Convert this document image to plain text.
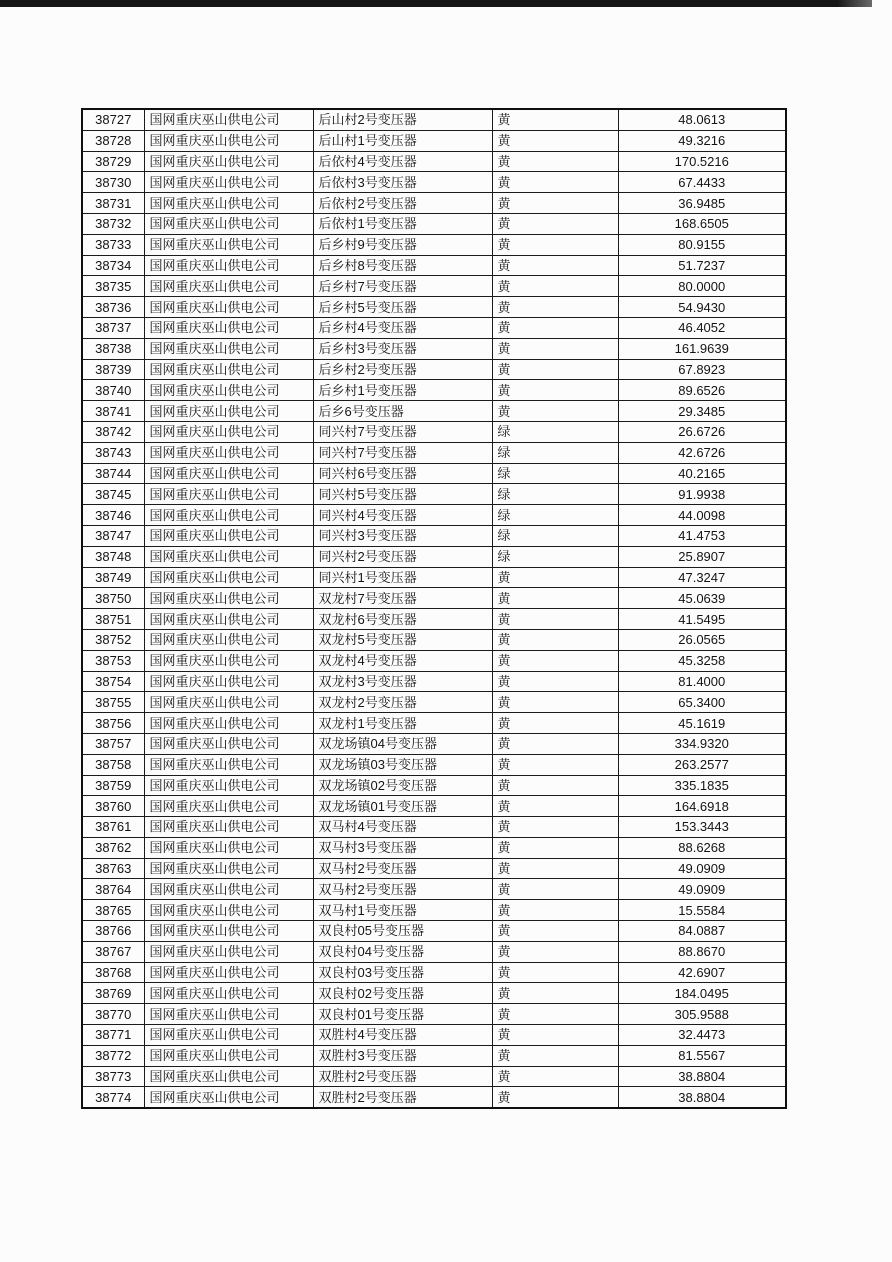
38727	国网重庆巫山供电公司	后山村2号变压器	黄	48.0613
38728	国网重庆巫山供电公司	后山村1号变压器	黄	49.3216
38729	国网重庆巫山供电公司	后依村4号变压器	黄	170.5216
38730	国网重庆巫山供电公司	后依村3号变压器	黄	67.4433
38731	国网重庆巫山供电公司	后依村2号变压器	黄	36.9485
38732	国网重庆巫山供电公司	后依村1号变压器	黄	168.6505
38733	国网重庆巫山供电公司	后乡村9号变压器	黄	80.9155
38734	国网重庆巫山供电公司	后乡村8号变压器	黄	51.7237
38735	国网重庆巫山供电公司	后乡村7号变压器	黄	80.0000
38736	国网重庆巫山供电公司	后乡村5号变压器	黄	54.9430
38737	国网重庆巫山供电公司	后乡村4号变压器	黄	46.4052
38738	国网重庆巫山供电公司	后乡村3号变压器	黄	161.9639
38739	国网重庆巫山供电公司	后乡村2号变压器	黄	67.8923
38740	国网重庆巫山供电公司	后乡村1号变压器	黄	89.6526
38741	国网重庆巫山供电公司	后乡6号变压器	黄	29.3485
38742	国网重庆巫山供电公司	同兴村7号变压器	绿	26.6726
38743	国网重庆巫山供电公司	同兴村7号变压器	绿	42.6726
38744	国网重庆巫山供电公司	同兴村6号变压器	绿	40.2165
38745	国网重庆巫山供电公司	同兴村5号变压器	绿	91.9938
38746	国网重庆巫山供电公司	同兴村4号变压器	绿	44.0098
38747	国网重庆巫山供电公司	同兴村3号变压器	绿	41.4753
38748	国网重庆巫山供电公司	同兴村2号变压器	绿	25.8907
38749	国网重庆巫山供电公司	同兴村1号变压器	黄	47.3247
38750	国网重庆巫山供电公司	双龙村7号变压器	黄	45.0639
38751	国网重庆巫山供电公司	双龙村6号变压器	黄	41.5495
38752	国网重庆巫山供电公司	双龙村5号变压器	黄	26.0565
38753	国网重庆巫山供电公司	双龙村4号变压器	黄	45.3258
38754	国网重庆巫山供电公司	双龙村3号变压器	黄	81.4000
38755	国网重庆巫山供电公司	双龙村2号变压器	黄	65.3400
38756	国网重庆巫山供电公司	双龙村1号变压器	黄	45.1619
38757	国网重庆巫山供电公司	双龙场镇04号变压器	黄	334.9320
38758	国网重庆巫山供电公司	双龙场镇03号变压器	黄	263.2577
38759	国网重庆巫山供电公司	双龙场镇02号变压器	黄	335.1835
38760	国网重庆巫山供电公司	双龙场镇01号变压器	黄	164.6918
38761	国网重庆巫山供电公司	双马村4号变压器	黄	153.3443
38762	国网重庆巫山供电公司	双马村3号变压器	黄	88.6268
38763	国网重庆巫山供电公司	双马村2号变压器	黄	49.0909
38764	国网重庆巫山供电公司	双马村2号变压器	黄	49.0909
38765	国网重庆巫山供电公司	双马村1号变压器	黄	15.5584
38766	国网重庆巫山供电公司	双良村05号变压器	黄	84.0887
38767	国网重庆巫山供电公司	双良村04号变压器	黄	88.8670
38768	国网重庆巫山供电公司	双良村03号变压器	黄	42.6907
38769	国网重庆巫山供电公司	双良村02号变压器	黄	184.0495
38770	国网重庆巫山供电公司	双良村01号变压器	黄	305.9588
38771	国网重庆巫山供电公司	双胜村4号变压器	黄	32.4473
38772	国网重庆巫山供电公司	双胜村3号变压器	黄	81.5567
38773	国网重庆巫山供电公司	双胜村2号变压器	黄	38.8804
38774	国网重庆巫山供电公司	双胜村2号变压器	黄	38.8804
